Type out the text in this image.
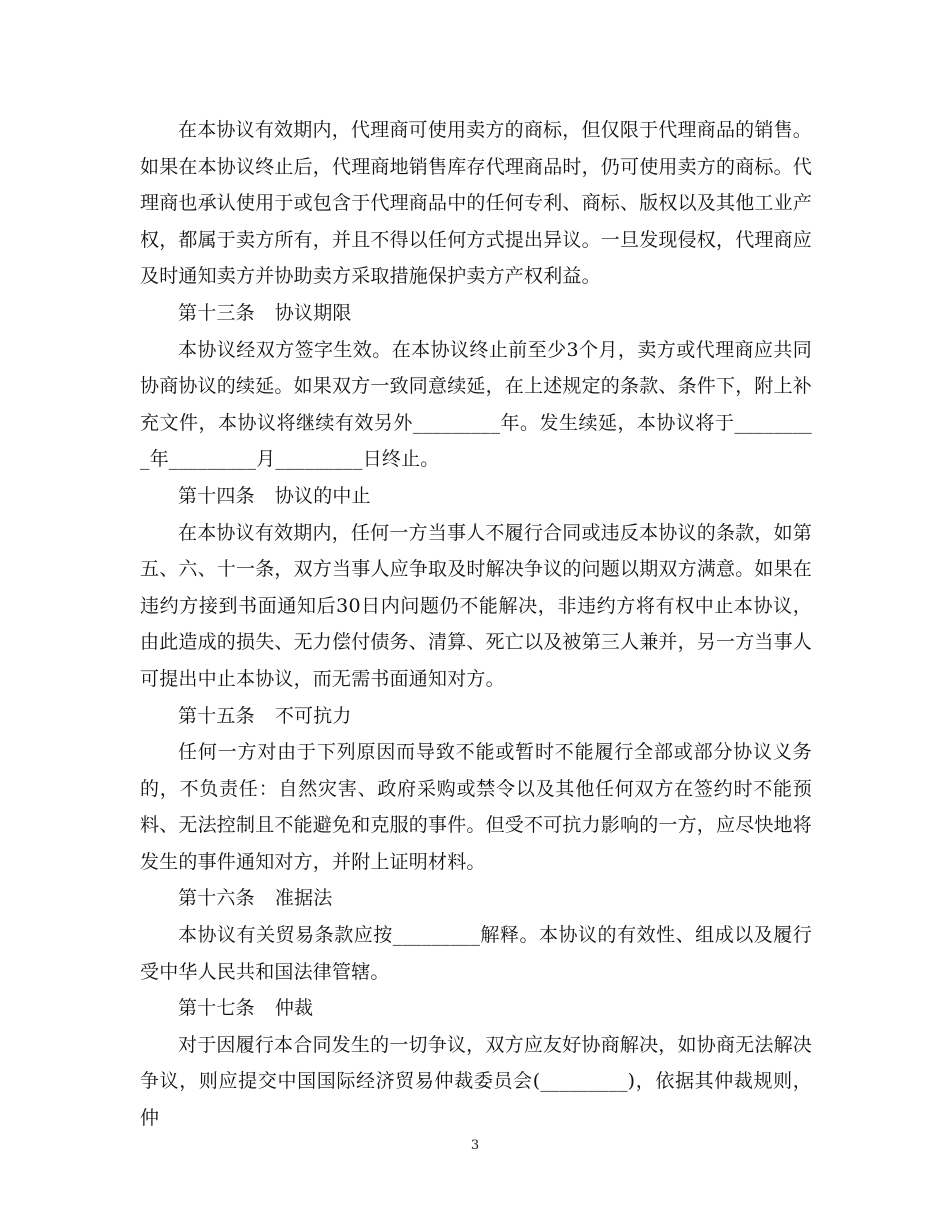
在本协议有效期内，代理商可使用卖方的商标，但仅限于代理商品的销售。如果在本协议终止后，代理商地销售库存代理商品时，仍可使用卖方的商标。代理商也承认使用于或包含于代理商品中的任何专利、商标、版权以及其他工业产权，都属于卖方所有，并且不得以任何方式提出异议。一旦发现侵权，代理商应及时通知卖方并协助卖方采取措施保护卖方产权利益。

第十三条 协议期限

本协议经双方签字生效。在本协议终止前至少3个月，卖方或代理商应共同协商协议的续延。如果双方一致同意续延，在上述规定的条款、条件下，附上补充文件，本协议将继续有效另外_________年。发生续延，本协议将于_________年_________月_________日终止。

第十四条 协议的中止

在本协议有效期内，任何一方当事人不履行合同或违反本协议的条款，如第五、六、十一条，双方当事人应争取及时解决争议的问题以期双方满意。如果在违约方接到书面通知后30日内问题仍不能解决，非违约方将有权中止本协议，由此造成的损失、无力偿付债务、清算、死亡以及被第三人兼并，另一方当事人可提出中止本协议，而无需书面通知对方。

第十五条 不可抗力

任何一方对由于下列原因而导致不能或暂时不能履行全部或部分协议义务的，不负责任：自然灾害、政府采购或禁令以及其他任何双方在签约时不能预料、无法控制且不能避免和克服的事件。但受不可抗力影响的一方，应尽快地将发生的事件通知对方，并附上证明材料。

第十六条 准据法

本协议有关贸易条款应按_________解释。本协议的有效性、组成以及履行受中华人民共和国法律管辖。

第十七条 仲裁

对于因履行本合同发生的一切争议，双方应友好协商解决，如协商无法解决争议，则应提交中国国际经济贸易仲裁委员会(_________)，依据其仲裁规则，仲

3
